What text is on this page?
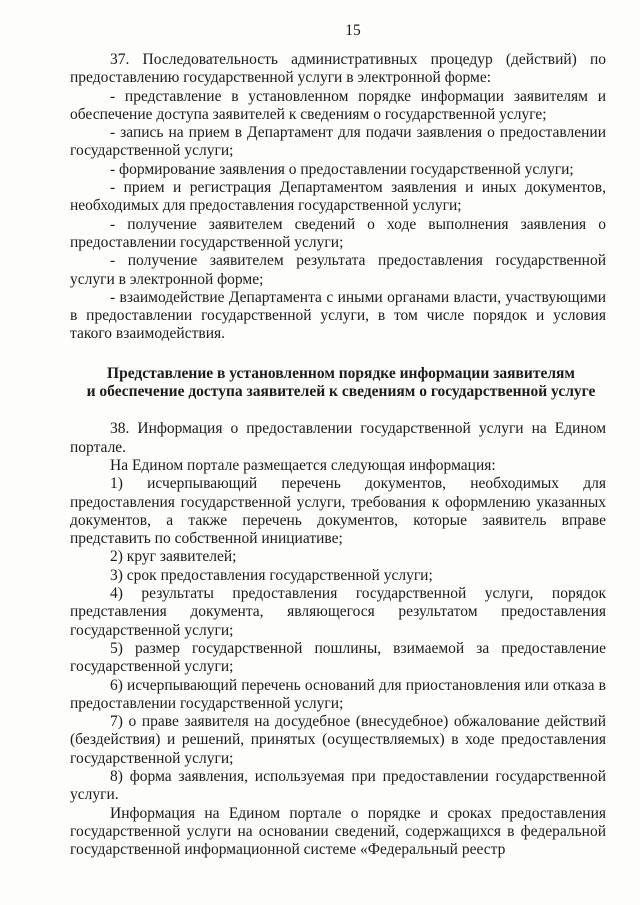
15

37. Последовательность административных процедур (действий) по предоставлению государственной услуги в электронной форме:

- представление в установленном порядке информации заявителям и обеспечение доступа заявителей к сведениям о государственной услуге;

- запись на прием в Департамент для подачи заявления о предоставлении государственной услуги;

- формирование заявления о предоставлении государственной услуги;

- прием и регистрация Департаментом заявления и иных документов, необходимых для предоставления государственной услуги;

- получение заявителем сведений о ходе выполнения заявления о предоставлении государственной услуги;

- получение заявителем результата предоставления государственной услуги в электронной форме;

- взаимодействие Департамента с иными органами власти, участвующими в предоставлении государственной услуги, в том числе порядок и условия такого взаимодействия.

Представление в установленном порядке информации заявителям
и обеспечение доступа заявителей к сведениям о государственной услуге

38. Информация о предоставлении государственной услуги на Едином портале.

На Едином портале размещается следующая информация:

1) исчерпывающий перечень документов, необходимых для предоставления государственной услуги, требования к оформлению указанных документов, а также перечень документов, которые заявитель вправе представить по собственной инициативе;

2) круг заявителей;

3) срок предоставления государственной услуги;

4) результаты предоставления государственной услуги, порядок представления документа, являющегося результатом предоставления государственной услуги;

5) размер государственной пошлины, взимаемой за предоставление государственной услуги;

6) исчерпывающий перечень оснований для приостановления или отказа в предоставлении государственной услуги;

7) о праве заявителя на досудебное (внесудебное) обжалование действий (бездействия) и решений, принятых (осуществляемых) в ходе предоставления государственной услуги;

8) форма заявления, используемая при предоставлении государственной услуги.

Информация на Едином портале о порядке и сроках предоставления государственной услуги на основании сведений, содержащихся в федеральной государственной информационной системе «Федеральный реестр
